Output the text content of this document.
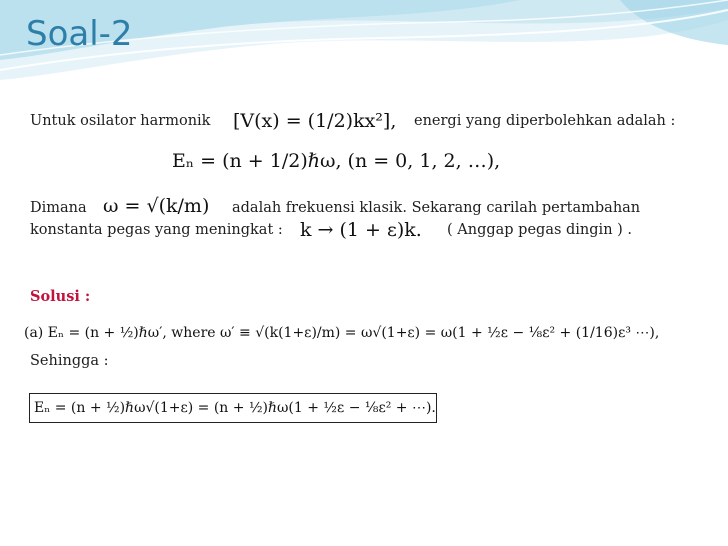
Soal-2
Untuk osilator harmonik [V(x) = (1/2)kx²], energi yang diperbolehkan adalah :
Eₙ = (n + 1/2)ℏω, (n = 0, 1, 2, …),
Dimana ω = √(k/m) adalah frekuensi klasik. Sekarang carilah pertambahan
konstanta pegas yang meningkat : k → (1 + ε)k. ( Anggap pegas dingin ) .
Solusi :
(a) Eₙ = (n + ½)ℏω′, where ω′ ≡ √(k(1+ε)/m) = ω√(1+ε) = ω(1 + ½ε − ⅛ε² + (1/16)ε³ ⋯),
Sehingga :
Eₙ = (n + ½)ℏω√(1+ε) = (n + ½)ℏω(1 + ½ε − ⅛ε² + ⋯).
